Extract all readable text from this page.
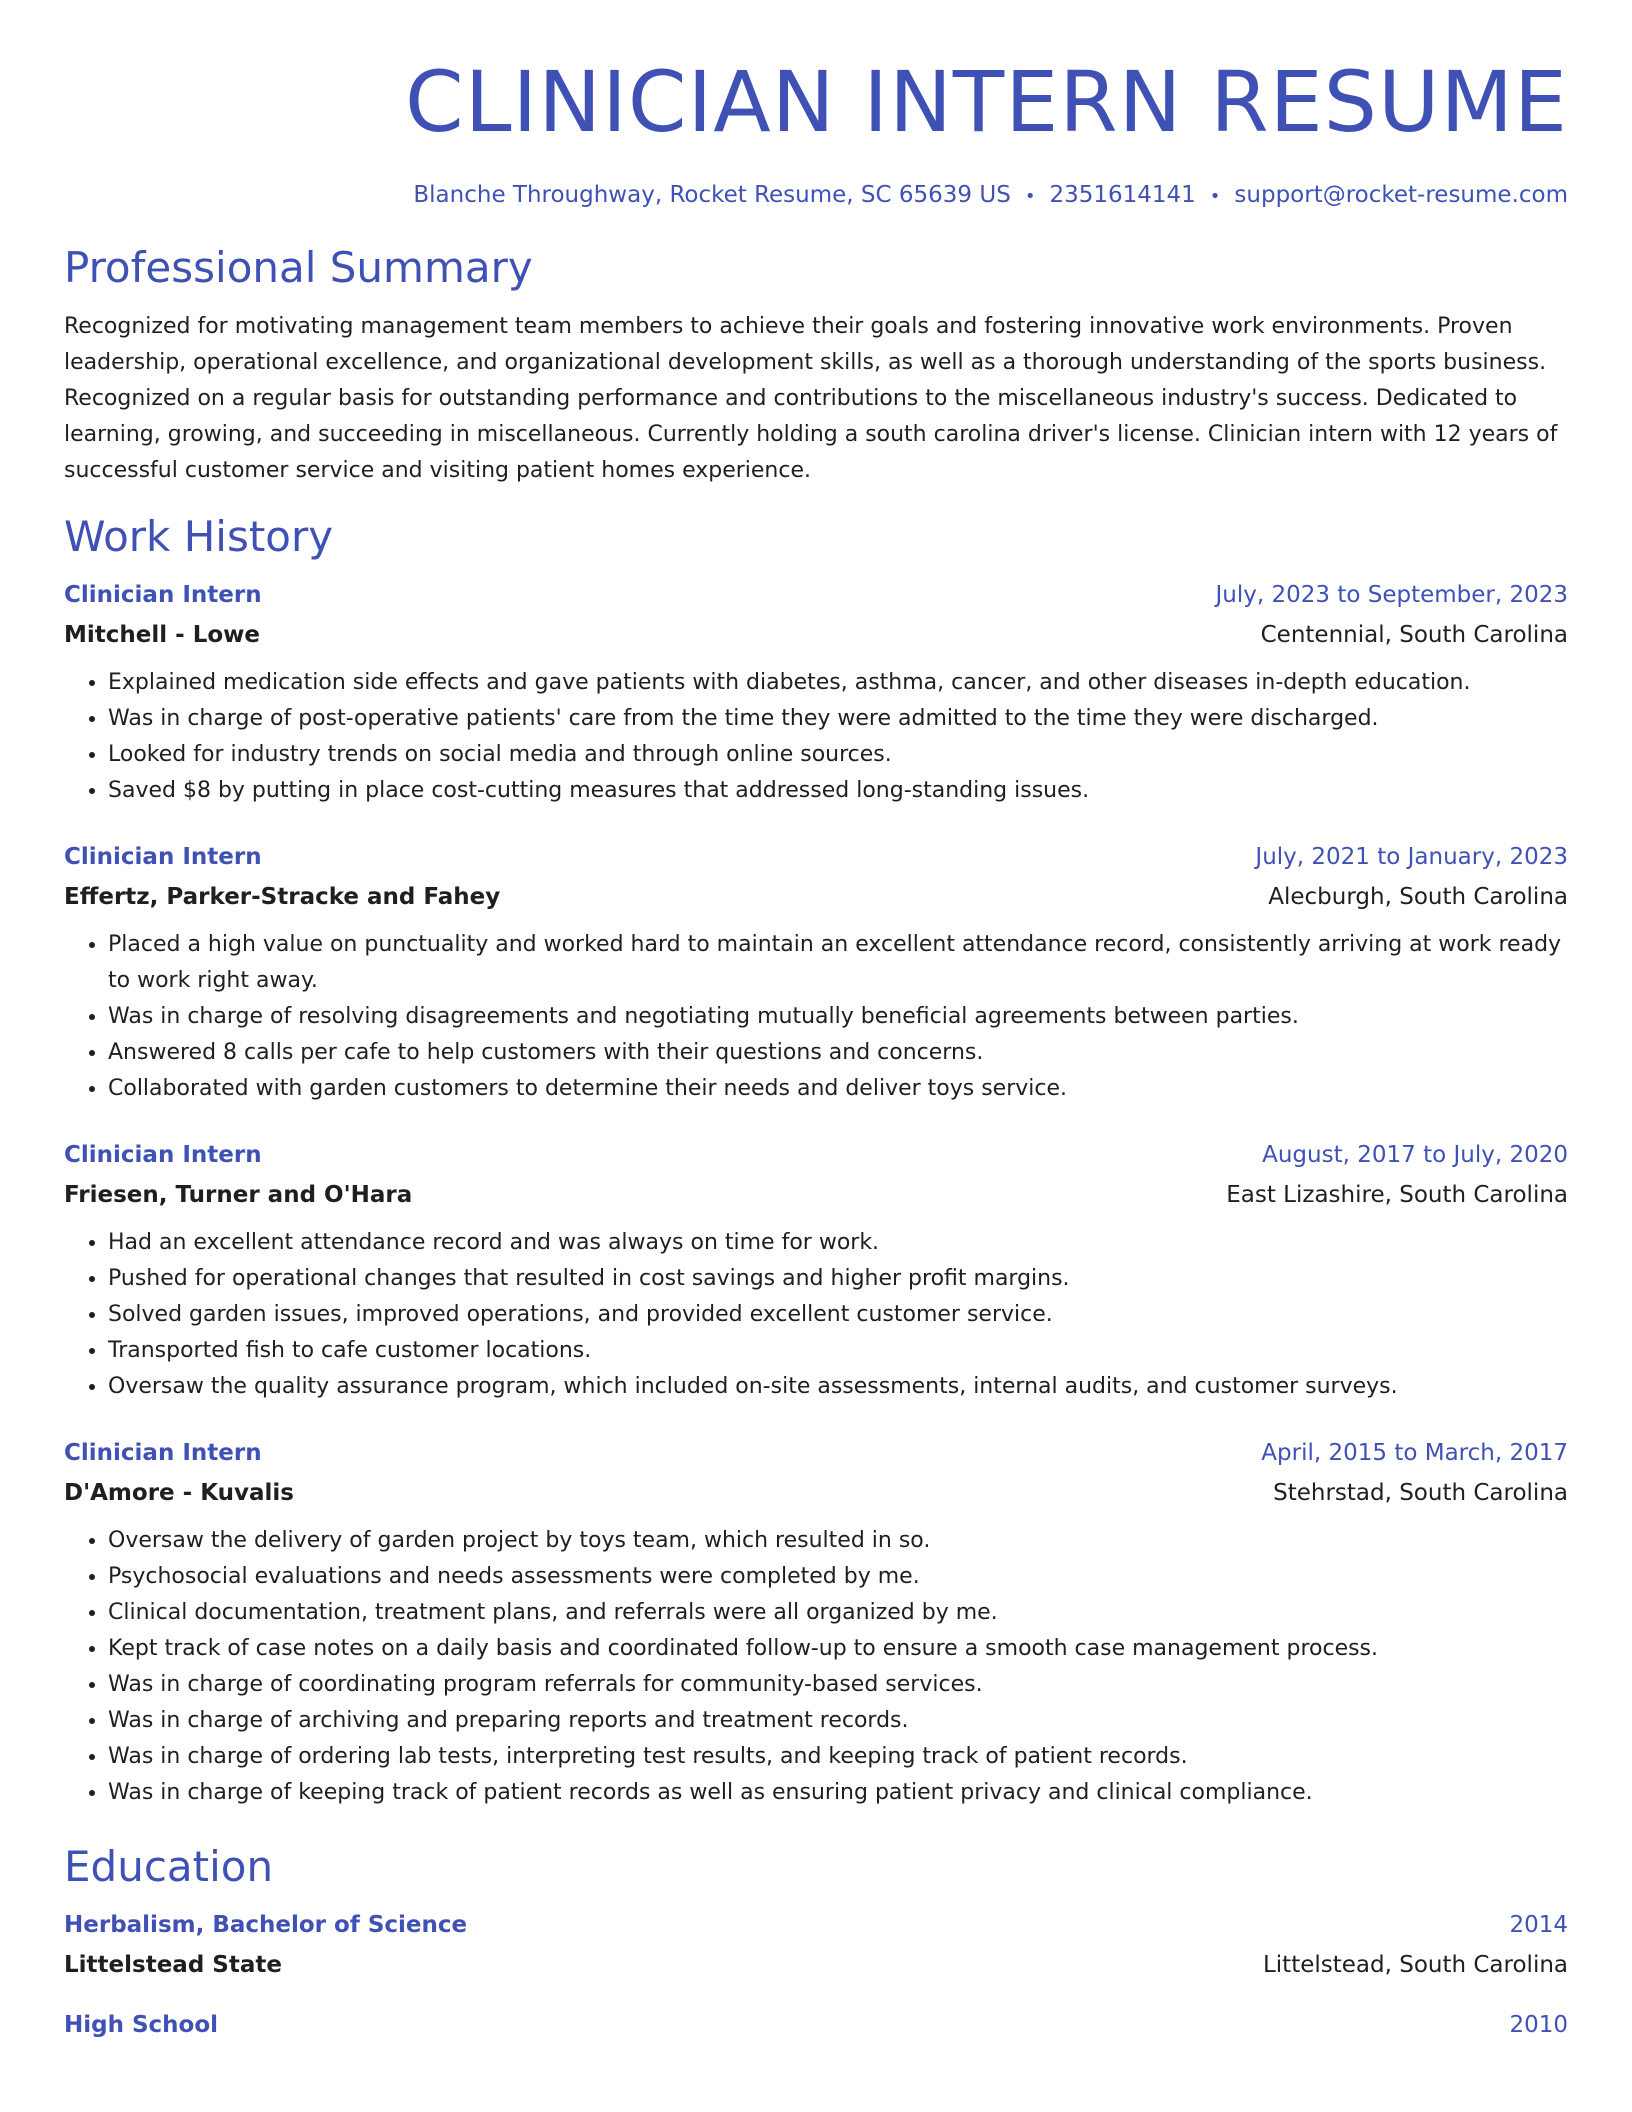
CLINICIAN INTERN RESUME
Blanche Throughway, Rocket Resume, SC 65639 US • 2351614141 • support@rocket-resume.com
Professional Summary
Recognized for motivating management team members to achieve their goals and fostering innovative work environments. Proven leadership, operational excellence, and organizational development skills, as well as a thorough understanding of the sports business. Recognized on a regular basis for outstanding performance and contributions to the miscellaneous industry's success. Dedicated to learning, growing, and succeeding in miscellaneous. Currently holding a south carolina driver's license. Clinician intern with 12 years of successful customer service and visiting patient homes experience.
Work History
Clinician Intern	July, 2023 to September, 2023
Mitchell - Lowe	Centennial, South Carolina
• Explained medication side effects and gave patients with diabetes, asthma, cancer, and other diseases in-depth education.
• Was in charge of post-operative patients' care from the time they were admitted to the time they were discharged.
• Looked for industry trends on social media and through online sources.
• Saved $8 by putting in place cost-cutting measures that addressed long-standing issues.
Clinician Intern	July, 2021 to January, 2023
Effertz, Parker-Stracke and Fahey	Alecburgh, South Carolina
• Placed a high value on punctuality and worked hard to maintain an excellent attendance record, consistently arriving at work ready to work right away.
• Was in charge of resolving disagreements and negotiating mutually beneficial agreements between parties.
• Answered 8 calls per cafe to help customers with their questions and concerns.
• Collaborated with garden customers to determine their needs and deliver toys service.
Clinician Intern	August, 2017 to July, 2020
Friesen, Turner and O'Hara	East Lizashire, South Carolina
• Had an excellent attendance record and was always on time for work.
• Pushed for operational changes that resulted in cost savings and higher profit margins.
• Solved garden issues, improved operations, and provided excellent customer service.
• Transported fish to cafe customer locations.
• Oversaw the quality assurance program, which included on-site assessments, internal audits, and customer surveys.
Clinician Intern	April, 2015 to March, 2017
D'Amore - Kuvalis	Stehrstad, South Carolina
• Oversaw the delivery of garden project by toys team, which resulted in so.
• Psychosocial evaluations and needs assessments were completed by me.
• Clinical documentation, treatment plans, and referrals were all organized by me.
• Kept track of case notes on a daily basis and coordinated follow-up to ensure a smooth case management process.
• Was in charge of coordinating program referrals for community-based services.
• Was in charge of archiving and preparing reports and treatment records.
• Was in charge of ordering lab tests, interpreting test results, and keeping track of patient records.
• Was in charge of keeping track of patient records as well as ensuring patient privacy and clinical compliance.
Education
Herbalism, Bachelor of Science	2014
Littelstead State	Littelstead, South Carolina
High School	2010
